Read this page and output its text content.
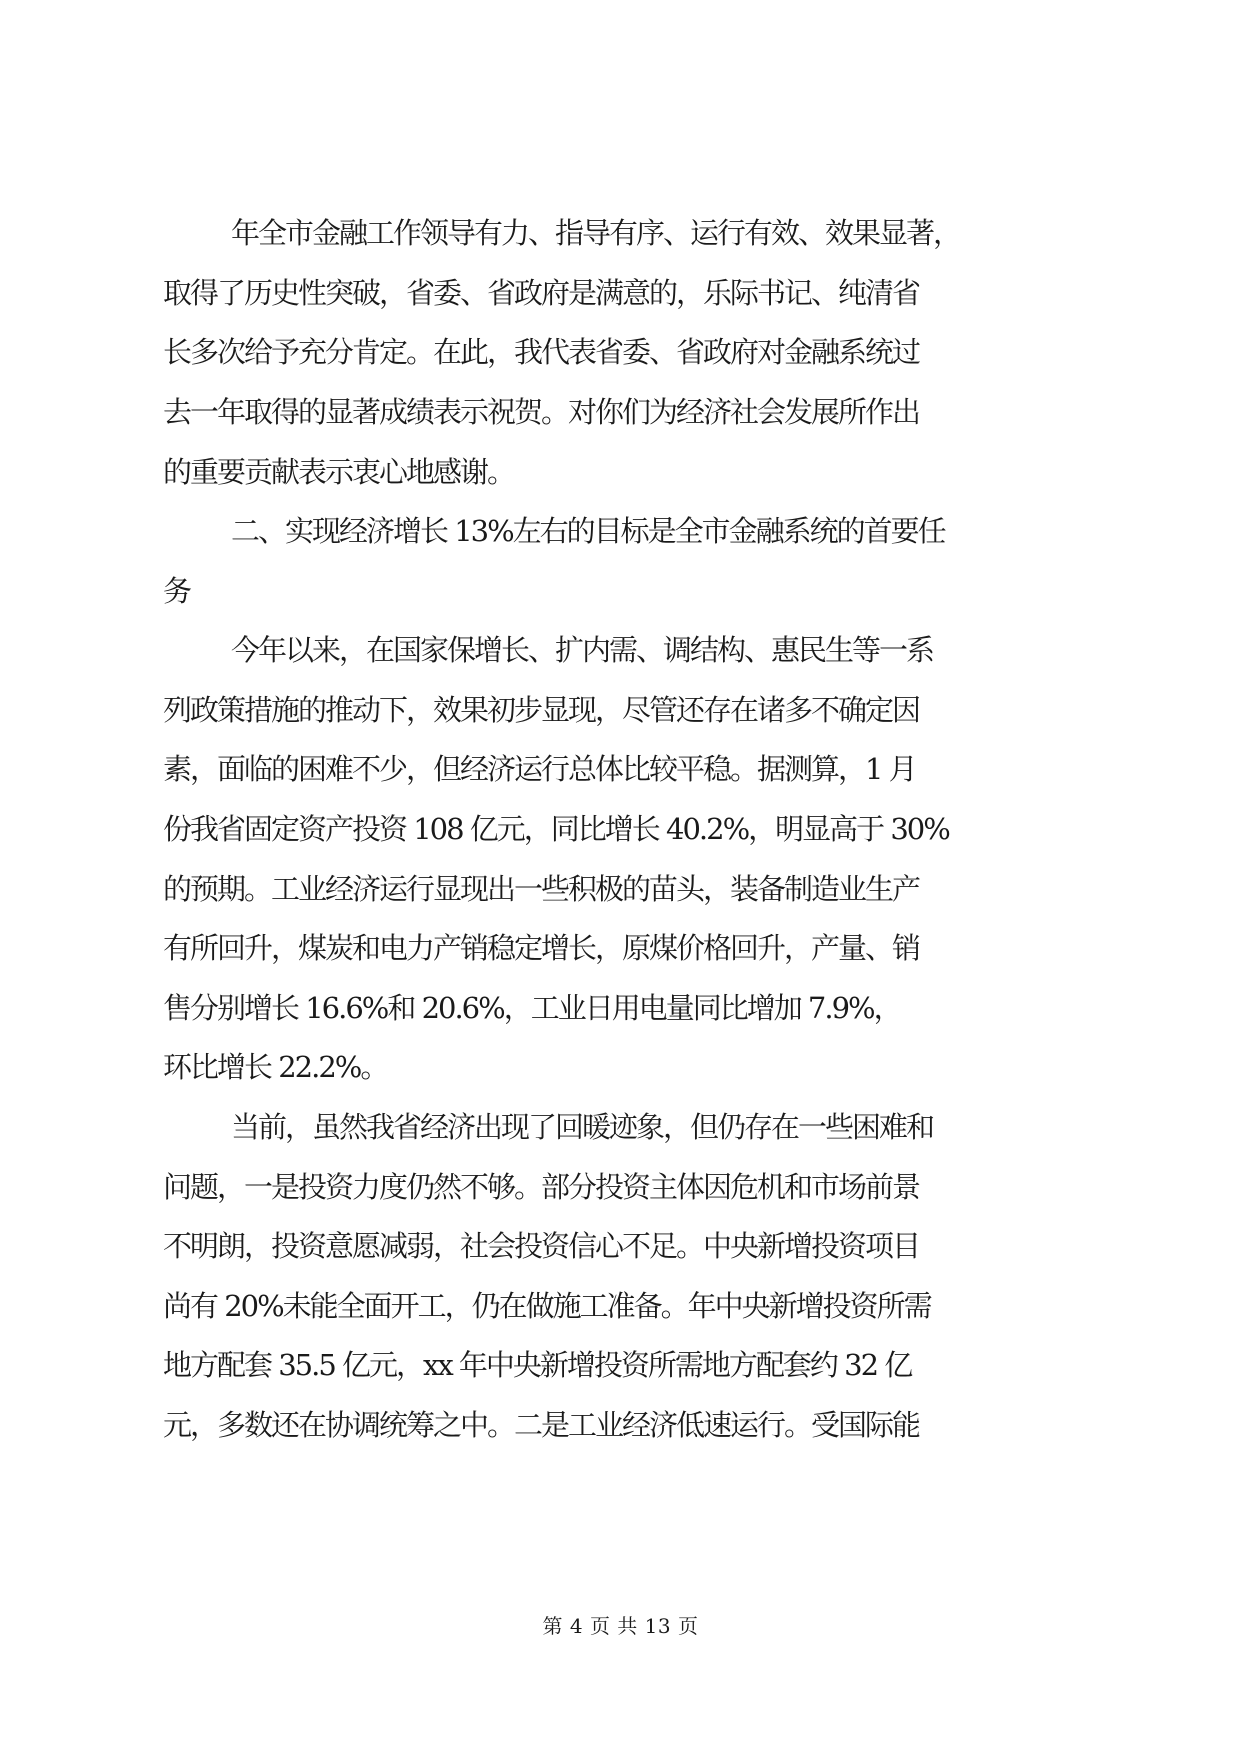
年全市金融工作领导有力、指导有序、运行有效、效果显著，
取得了历史性突破，省委、省政府是满意的，乐际书记、纯清省
长多次给予充分肯定。在此，我代表省委、省政府对金融系统过
去一年取得的显著成绩表示祝贺。对你们为经济社会发展所作出
的重要贡献表示衷心地感谢。
二、实现经济增长 13%左右的目标是全市金融系统的首要任
务
今年以来，在国家保增长、扩内需、调结构、惠民生等一系
列政策措施的推动下，效果初步显现，尽管还存在诸多不确定因
素，面临的困难不少，但经济运行总体比较平稳。据测算，1 月
份我省固定资产投资 108 亿元，同比增长 40.2%，明显高于 30%
的预期。工业经济运行显现出一些积极的苗头，装备制造业生产
有所回升，煤炭和电力产销稳定增长，原煤价格回升，产量、销
售分别增长 16.6%和 20.6%，工业日用电量同比增加 7.9%，
环比增长 22.2%。
当前，虽然我省经济出现了回暖迹象，但仍存在一些困难和
问题，一是投资力度仍然不够。部分投资主体因危机和市场前景
不明朗，投资意愿减弱，社会投资信心不足。中央新增投资项目
尚有 20%未能全面开工，仍在做施工准备。年中央新增投资所需
地方配套 35.5 亿元，xx 年中央新增投资所需地方配套约 32 亿
元，多数还在协调统筹之中。二是工业经济低速运行。受国际能
第 4 页 共 13 页
